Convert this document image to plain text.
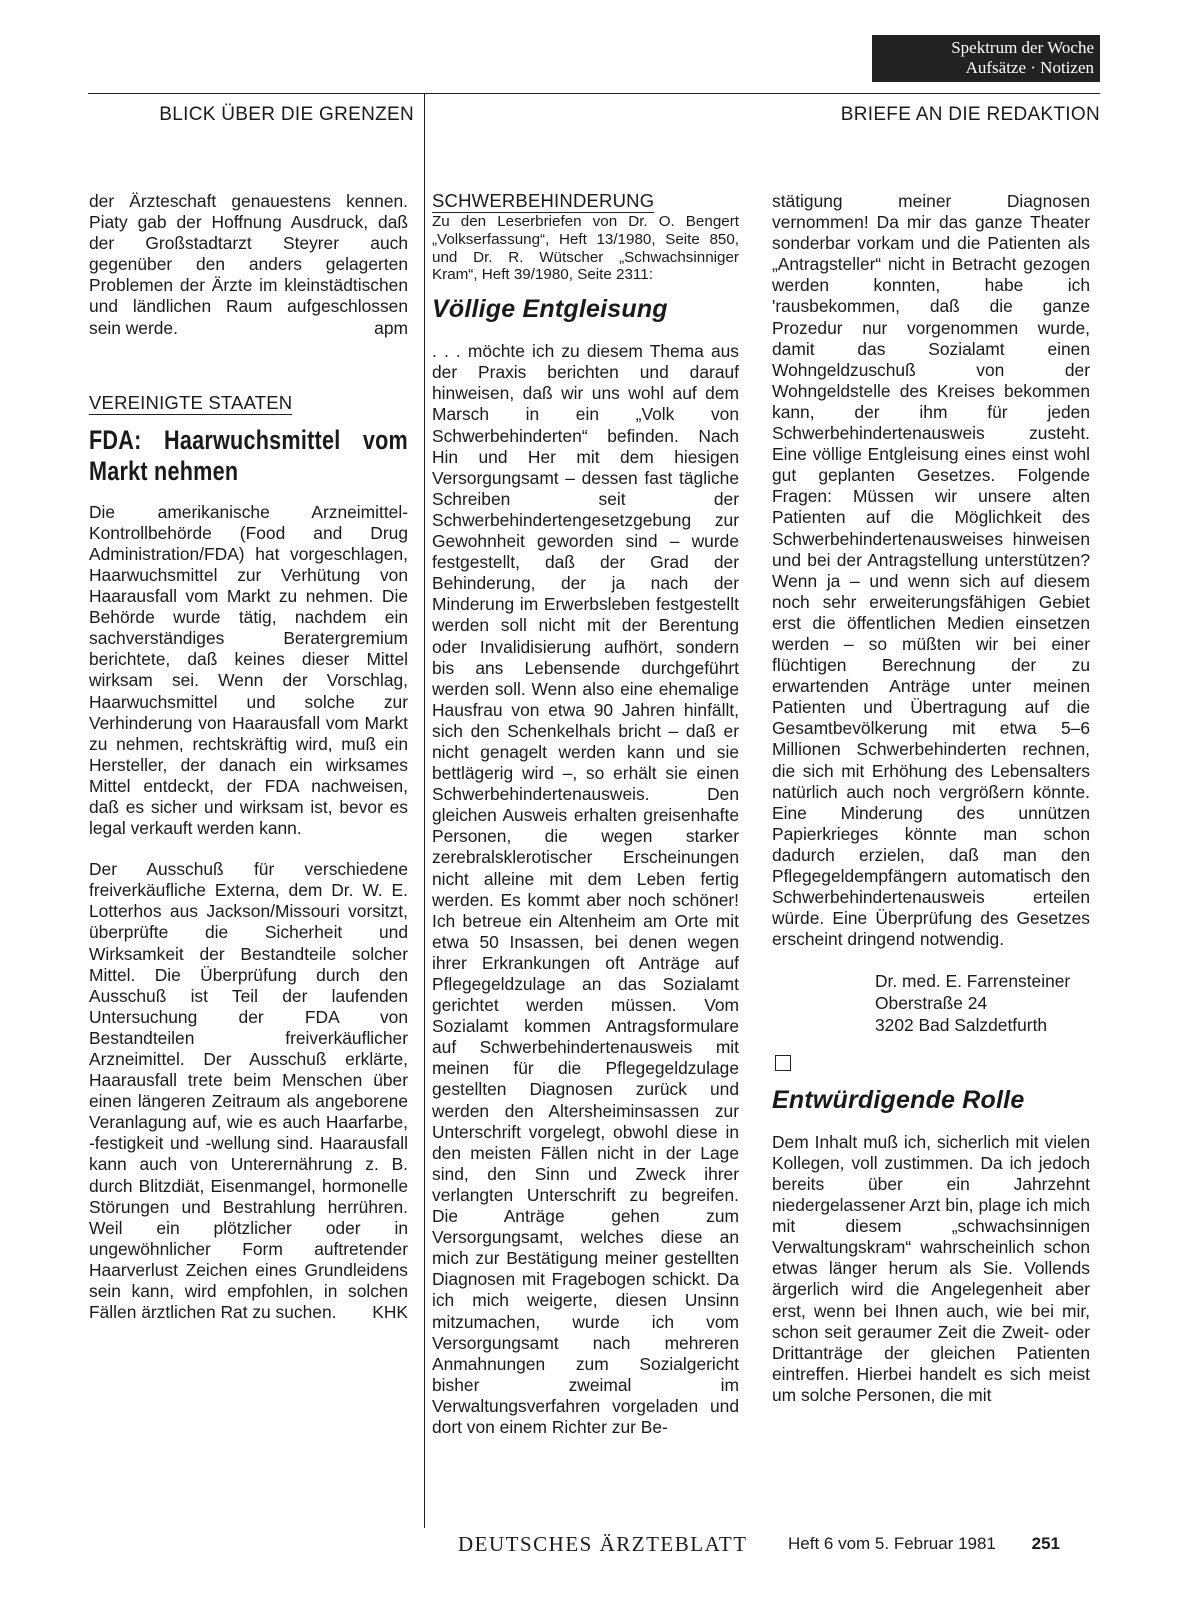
Spektrum der Woche
Aufsätze · Notizen
BLICK ÜBER DIE GRENZEN	BRIEFE AN DIE REDAKTION

der Ärzteschaft genauestens kennen. Piaty gab der Hoffnung Ausdruck, daß der Großstadtarzt Steyrer auch gegenüber den anders gelagerten Problemen der Ärzte im kleinstädtischen und ländlichen Raum aufgeschlossen sein werde.	apm

VEREINIGTE STAATEN
FDA: Haarwuchsmittel vom Markt nehmen

Die amerikanische Arzneimittel-Kontrollbehörde (Food and Drug Administration/FDA) hat vorgeschlagen, Haarwuchsmittel zur Verhütung von Haarausfall vom Markt zu nehmen. Die Behörde wurde tätig, nachdem ein sachverständiges Beratergremium berichtete, daß keines dieser Mittel wirksam sei. Wenn der Vorschlag, Haarwuchsmittel und solche zur Verhinderung von Haarausfall vom Markt zu nehmen, rechtskräftig wird, muß ein Hersteller, der danach ein wirksames Mittel entdeckt, der FDA nachweisen, daß es sicher und wirksam ist, bevor es legal verkauft werden kann.

Der Ausschuß für verschiedene freiverkäufliche Externa, dem Dr. W. E. Lotterhos aus Jackson/Missouri vorsitzt, überprüfte die Sicherheit und Wirksamkeit der Bestandteile solcher Mittel. Die Überprüfung durch den Ausschuß ist Teil der laufenden Untersuchung der FDA von Bestandteilen freiverkäuflicher Arzneimittel. Der Ausschuß erklärte, Haarausfall trete beim Menschen über einen längeren Zeitraum als angeborene Veranlagung auf, wie es auch Haarfarbe, -festigkeit und -wellung sind. Haarausfall kann auch von Unterernährung z. B. durch Blitzdiät, Eisenmangel, hormonelle Störungen und Bestrahlung herrühren. Weil ein plötzlicher oder in ungewöhnlicher Form auftretender Haarverlust Zeichen eines Grundleidens sein kann, wird empfohlen, in solchen Fällen ärztlichen Rat zu suchen. KHK

SCHWERBEHINDERUNG

Zu den Leserbriefen von Dr. O. Bengert „Volkserfassung“, Heft 13/1980, Seite 850, und Dr. R. Wütscher „Schwachsinniger Kram“, Heft 39/1980, Seite 2311:

Völlige Entgleisung

. . . möchte ich zu diesem Thema aus der Praxis berichten und darauf hinweisen, daß wir uns wohl auf dem Marsch in ein „Volk von Schwerbehinderten“ befinden. Nach Hin und Her mit dem hiesigen Versorgungsamt – dessen fast tägliche Schreiben seit der Schwerbehindertengesetzgebung zur Gewohnheit geworden sind – wurde festgestellt, daß der Grad der Behinderung, der ja nach der Minderung im Erwerbsleben festgestellt werden soll nicht mit der Berentung oder Invalidisierung aufhört, sondern bis ans Lebensende durchgeführt werden soll. Wenn also eine ehemalige Hausfrau von etwa 90 Jahren hinfällt, sich den Schenkelhals bricht – daß er nicht genagelt werden kann und sie bettlägerig wird –, so erhält sie einen Schwerbehindertenausweis. Den gleichen Ausweis erhalten greisenhafte Personen, die wegen starker zerebralsklerotischer Erscheinungen nicht alleine mit dem Leben fertig werden. Es kommt aber noch schöner! Ich betreue ein Altenheim am Orte mit etwa 50 Insassen, bei denen wegen ihrer Erkrankungen oft Anträge auf Pflegegeldzulage an das Sozialamt gerichtet werden müssen. Vom Sozialamt kommen Antragsformulare auf Schwerbehindertenausweis mit meinen für die Pflegegeldzulage gestellten Diagnosen zurück und werden den Altersheiminsassen zur Unterschrift vorgelegt, obwohl diese in den meisten Fällen nicht in der Lage sind, den Sinn und Zweck ihrer verlangten Unterschrift zu begreifen. Die Anträge gehen zum Versorgungsamt, welches diese an mich zur Bestätigung meiner gestellten Diagnosen mit Fragebogen schickt. Da ich mich weigerte, diesen Unsinn mitzumachen, wurde ich vom Versorgungsamt nach mehreren Anmahnungen zum Sozialgericht bisher zweimal im Verwaltungsverfahren vorgeladen und dort von einem Richter zur Be-

stätigung meiner Diagnosen vernommen! Da mir das ganze Theater sonderbar vorkam und die Patienten als „Antragsteller“ nicht in Betracht gezogen werden konnten, habe ich 'rausbekommen, daß die ganze Prozedur nur vorgenommen wurde, damit das Sozialamt einen Wohngeldzuschuß von der Wohngeldstelle des Kreises bekommen kann, der ihm für jeden Schwerbehindertenausweis zusteht. Eine völlige Entgleisung eines einst wohl gut geplanten Gesetzes. Folgende Fragen: Müssen wir unsere alten Patienten auf die Möglichkeit des Schwerbehindertenausweises hinweisen und bei der Antragstellung unterstützen? Wenn ja – und wenn sich auf diesem noch sehr erweiterungsfähigen Gebiet erst die öffentlichen Medien einsetzen werden – so müßten wir bei einer flüchtigen Berechnung der zu erwartenden Anträge unter meinen Patienten und Übertragung auf die Gesamtbevölkerung mit etwa 5–6 Millionen Schwerbehinderten rechnen, die sich mit Erhöhung des Lebensalters natürlich auch noch vergrößern könnte. Eine Minderung des unnützen Papierkrieges könnte man schon dadurch erzielen, daß man den Pflegegeldempfängern automatisch den Schwerbehindertenausweis erteilen würde. Eine Überprüfung des Gesetzes erscheint dringend notwendig.

Dr. med. E. Farrensteiner
Oberstraße 24
3202 Bad Salzdetfurth
Entwürdigende Rolle

Dem Inhalt muß ich, sicherlich mit vielen Kollegen, voll zustimmen. Da ich jedoch bereits über ein Jahrzehnt niedergelassener Arzt bin, plage ich mich mit diesem „schwachsinnigen Verwaltungskram“ wahrscheinlich schon etwas länger herum als Sie. Vollends ärgerlich wird die Angelegenheit aber erst, wenn bei Ihnen auch, wie bei mir, schon seit geraumer Zeit die Zweit- oder Drittanträge der gleichen Patienten eintreffen. Hierbei handelt es sich meist um solche Personen, die mit

DEUTSCHES ÄRZTEBLATT Heft 6 vom 5. Februar 1981 251
